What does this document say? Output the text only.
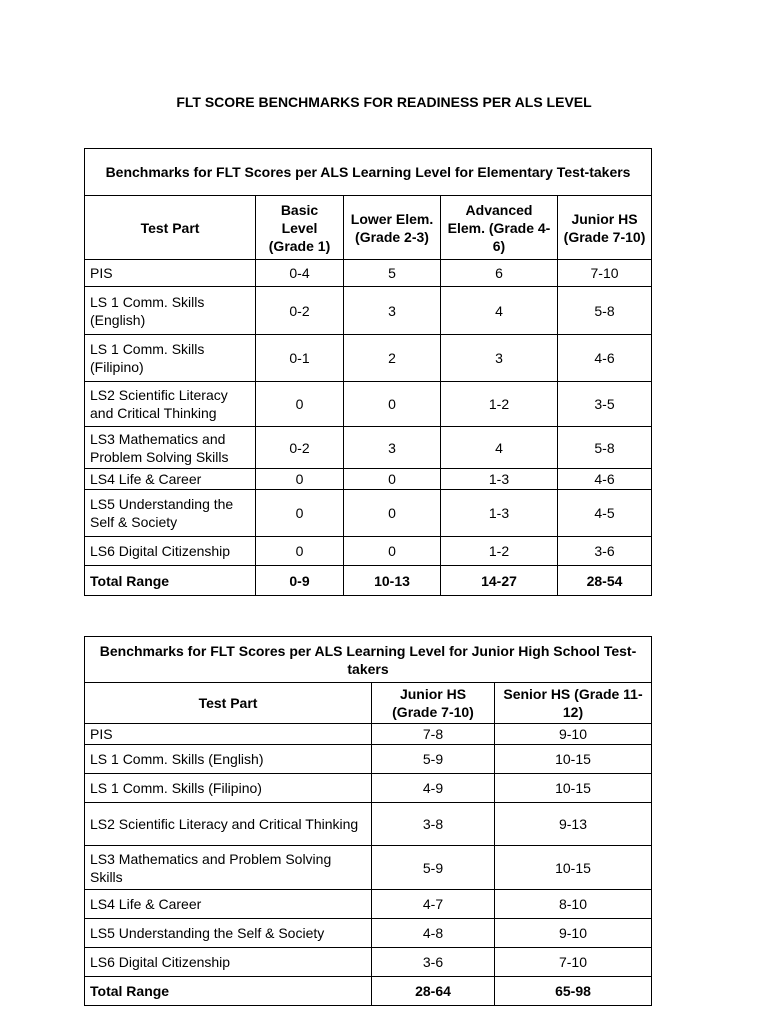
FLT SCORE BENCHMARKS FOR READINESS PER ALS LEVEL
Benchmarks for FLT Scores per ALS Learning Level for Elementary Test-takers				
Test Part	Basic Level (Grade 1)	Lower Elem. (Grade 2-3)	Advanced Elem. (Grade 4-6)	Junior HS (Grade 7-10)
PIS	0-4	5	6	7-10
LS 1 Comm. Skills (English)	0-2	3	4	5-8
LS 1 Comm. Skills (Filipino)	0-1	2	3	4-6
LS2 Scientific Literacy and Critical Thinking	0	0	1-2	3-5
LS3 Mathematics and Problem Solving Skills	0-2	3	4	5-8
LS4 Life & Career	0	0	1-3	4-6
LS5 Understanding the Self & Society	0	0	1-3	4-5
LS6 Digital Citizenship	0	0	1-2	3-6
Total Range	0-9	10-13	14-27	28-54
Benchmarks for FLT Scores per ALS Learning Level for Junior High School Test-takers		
Test Part	Junior HS (Grade 7-10)	Senior HS (Grade 11-12)
PIS	7-8	9-10
LS 1 Comm. Skills (English)	5-9	10-15
LS 1 Comm. Skills (Filipino)	4-9	10-15
LS2 Scientific Literacy and Critical Thinking	3-8	9-13
LS3 Mathematics and Problem Solving Skills	5-9	10-15
LS4 Life & Career	4-7	8-10
LS5 Understanding the Self & Society	4-8	9-10
LS6 Digital Citizenship	3-6	7-10
Total Range	28-64	65-98
